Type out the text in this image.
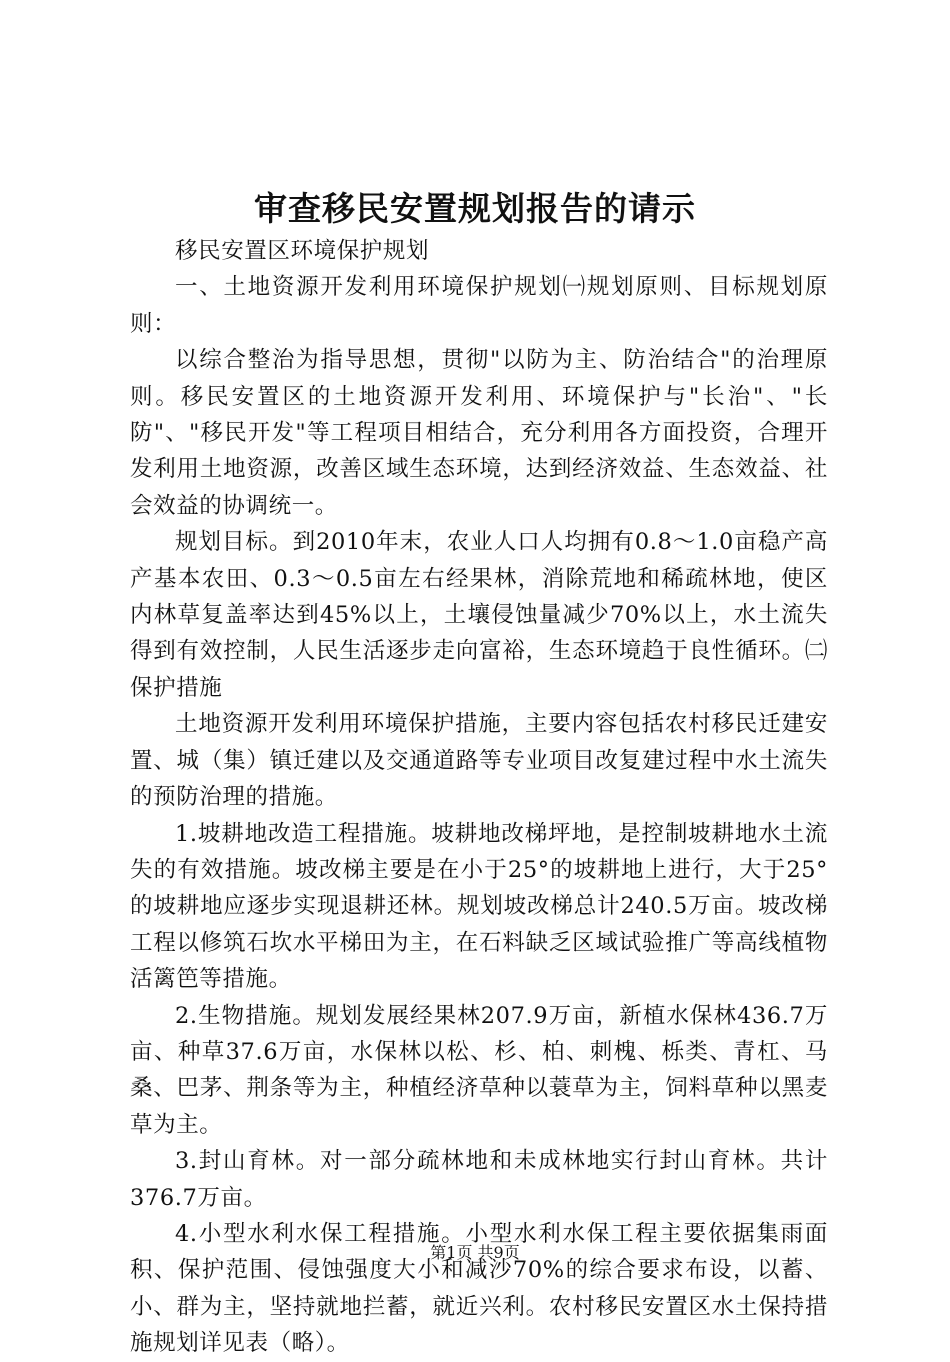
审查移民安置规划报告的请示

移民安置区环境保护规划

一、土地资源开发利用环境保护规划㈠规划原则、目标规划原则：

以综合整治为指导思想，贯彻"以防为主、防治结合"的治理原则。移民安置区的土地资源开发利用、环境保护与"长治"、"长防"、"移民开发"等工程项目相结合，充分利用各方面投资，合理开发利用土地资源，改善区域生态环境，达到经济效益、生态效益、社会效益的协调统一。

规划目标。到2010年末，农业人口人均拥有0.8～1.0亩稳产高产基本农田、0.3～0.5亩左右经果林，消除荒地和稀疏林地，使区内林草复盖率达到45%以上，土壤侵蚀量减少70%以上，水土流失得到有效控制，人民生活逐步走向富裕，生态环境趋于良性循环。㈡保护措施

土地资源开发利用环境保护措施，主要内容包括农村移民迁建安置、城（集）镇迁建以及交通道路等专业项目改复建过程中水土流失的预防治理的措施。

1.坡耕地改造工程措施。坡耕地改梯坪地，是控制坡耕地水土流失的有效措施。坡改梯主要是在小于25°的坡耕地上进行，大于25°的坡耕地应逐步实现退耕还林。规划坡改梯总计240.5万亩。坡改梯工程以修筑石坎水平梯田为主，在石料缺乏区域试验推广等高线植物活篱笆等措施。

2.生物措施。规划发展经果林207.9万亩，新植水保林436.7万亩、种草37.6万亩，水保林以松、杉、柏、刺槐、栎类、青杠、马桑、巴茅、荆条等为主，种植经济草种以蓑草为主，饲料草种以黑麦草为主。

3.封山育林。对一部分疏林地和未成林地实行封山育林。共计376.7万亩。

4.小型水利水保工程措施。小型水利水保工程主要依据集雨面积、保护范围、侵蚀强度大小和减沙70%的综合要求布设，以蓄、小、群为主，坚持就地拦蓄，就近兴利。农村移民安置区水土保持措施规划详见表（略）。

第1页 共9页
